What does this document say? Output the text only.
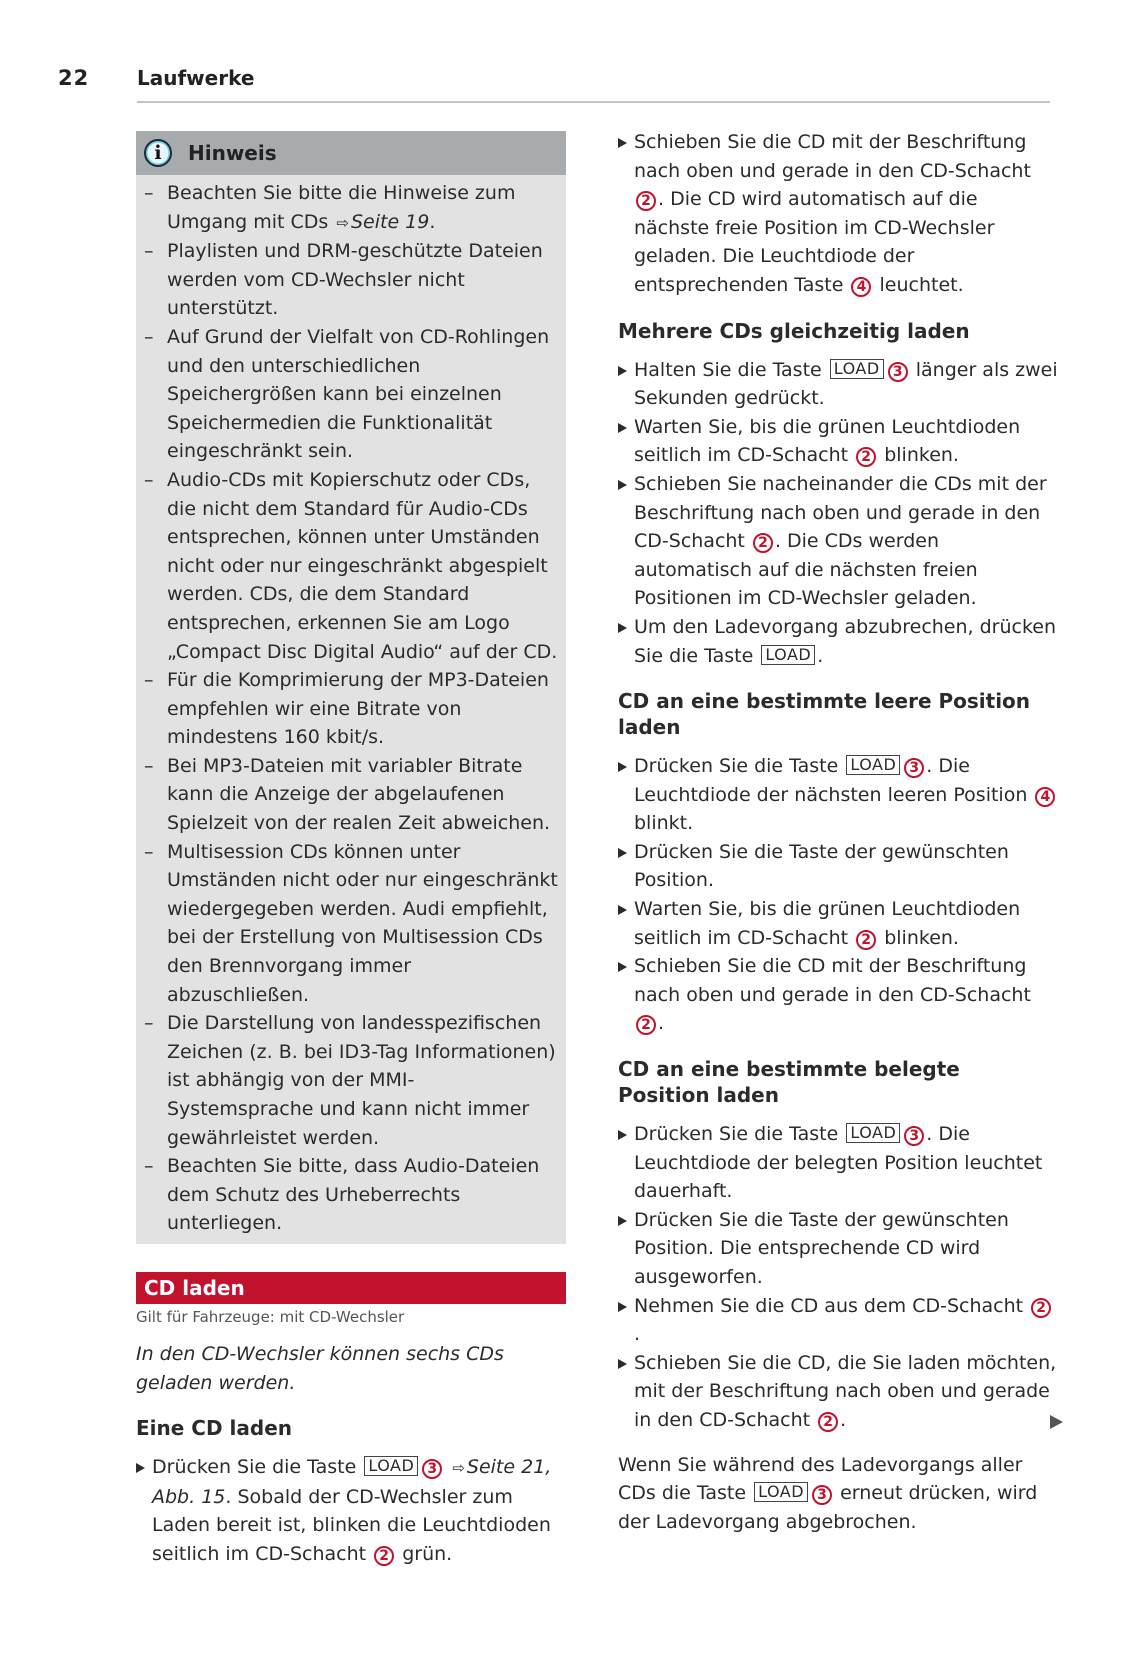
22 Laufwerke
i	Hinweis
– Beachten Sie bitte die Hinweise zum Umgang mit CDs ⇨ Seite 19.
– Playlisten und DRM-geschützte Dateien werden vom CD-Wechsler nicht unterstützt.
– Auf Grund der Vielfalt von CD-Rohlingen und den unterschiedlichen Speichergrößen kann bei einzelnen Speichermedien die Funktionalität eingeschränkt sein.
– Audio-CDs mit Kopierschutz oder CDs, die nicht dem Standard für Audio-CDs entsprechen, können unter Umständen nicht oder nur eingeschränkt abgespielt werden. CDs, die dem Standard entsprechen, erkennen Sie am Logo „Compact Disc Digital Audio“ auf der CD.
– Für die Komprimierung der MP3-Dateien empfehlen wir eine Bitrate von mindestens 160 kbit/s.
– Bei MP3-Dateien mit variabler Bitrate kann die Anzeige der abgelaufenen Spielzeit von der realen Zeit abweichen.
– Multisession CDs können unter Umständen nicht oder nur eingeschränkt wiedergegeben werden. Audi empfiehlt, bei der Erstellung von Multisession CDs den Brennvorgang immer abzuschließen.
– Die Darstellung von landesspezifischen Zeichen (z. B. bei ID3-Tag Informationen) ist abhängig von der MMI-Systemsprache und kann nicht immer gewährleistet werden.
– Beachten Sie bitte, dass Audio-Dateien dem Schutz des Urheberrechts unterliegen.
CD laden
Gilt für Fahrzeuge: mit CD-Wechsler
In den CD-Wechsler können sechs CDs geladen werden.
Eine CD laden
Drücken Sie die Taste LOAD 3 ⇨ Seite 21, Abb. 15. Sobald der CD-Wechsler zum Laden bereit ist, blinken die Leuchtdioden seitlich im CD-Schacht 2 grün.
Schieben Sie die CD mit der Beschriftung nach oben und gerade in den CD-Schacht 2 . Die CD wird automatisch auf die nächste freie Position im CD-Wechsler geladen. Die Leuchtdiode der entsprechenden Taste 4 leuchtet.
Mehrere CDs gleichzeitig laden
Halten Sie die Taste LOAD 3 länger als zwei Sekunden gedrückt.
Warten Sie, bis die grünen Leuchtdioden seitlich im CD-Schacht 2 blinken.
Schieben Sie nacheinander die CDs mit der Beschriftung nach oben und gerade in den CD-Schacht 2 . Die CDs werden automatisch auf die nächsten freien Positionen im CD-Wechsler geladen.
Um den Ladevorgang abzubrechen, drücken Sie die Taste LOAD .
CD an eine bestimmte leere Position laden
Drücken Sie die Taste LOAD 3 . Die Leuchtdiode der nächsten leeren Position 4 blinkt.
Drücken Sie die Taste der gewünschten Position.
Warten Sie, bis die grünen Leuchtdioden seitlich im CD-Schacht 2 blinken.
Schieben Sie die CD mit der Beschriftung nach oben und gerade in den CD-Schacht 2 .
CD an eine bestimmte belegte Position laden
Drücken Sie die Taste LOAD 3 . Die Leuchtdiode der belegten Position leuchtet dauerhaft.
Drücken Sie die Taste der gewünschten Position. Die entsprechende CD wird ausgeworfen.
Nehmen Sie die CD aus dem CD-Schacht 2.
Schieben Sie die CD, die Sie laden möchten, mit der Beschriftung nach oben und gerade in den CD-Schacht 2 .
Wenn Sie während des Ladevorgangs aller CDs die Taste LOAD 3 erneut drücken, wird der Ladevorgang abgebrochen.
